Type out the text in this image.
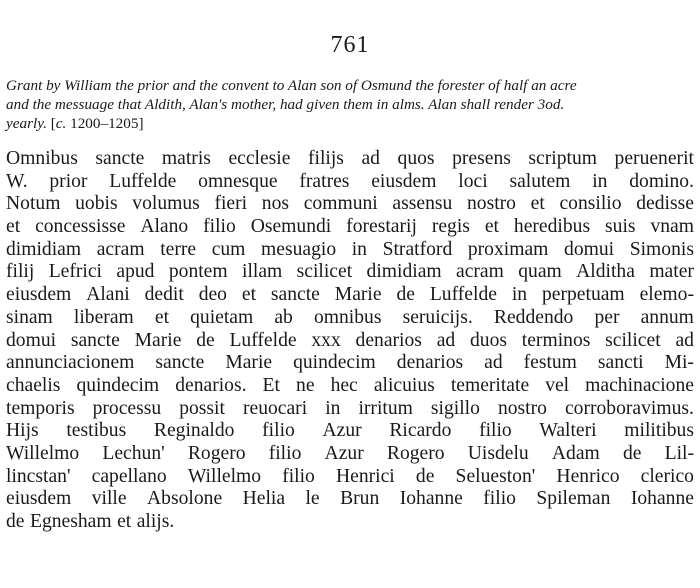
761
Grant by William the prior and the convent to Alan son of Osmund the forester of half an acre
and the messuage that Aldith, Alan's mother, had given them in alms. Alan shall render 3od.
yearly. [c. 1200–1205]
Omnibus sancte matris ecclesie filijs ad quos presens scriptum peruenerit
W. prior Luffelde omnesque fratres eiusdem loci salutem in domino.
Notum uobis volumus fieri nos communi assensu nostro et consilio dedisse
et concessisse Alano filio Osemundi forestarij regis et heredibus suis vnam
dimidiam acram terre cum mesuagio in Stratford proximam domui Simonis
filij Lefrici apud pontem illam scilicet dimidiam acram quam Alditha mater
eiusdem Alani dedit deo et sancte Marie de Luffelde in perpetuam elemo-
sinam liberam et quietam ab omnibus seruicijs. Reddendo per annum
domui sancte Marie de Luffelde xxx denarios ad duos terminos scilicet ad
annunciacionem sancte Marie quindecim denarios ad festum sancti Mi-
chaelis quindecim denarios. Et ne hec alicuius temeritate vel machinacione
temporis processu possit reuocari in irritum sigillo nostro corroboravimus.
Hijs testibus Reginaldo filio Azur Ricardo filio Walteri militibus
Willelmo Lechun' Rogero filio Azur Rogero Uisdelu Adam de Lil-
lincstan' capellano Willelmo filio Henrici de Selueston' Henrico clerico
eiusdem ville Absolone Helia le Brun Iohanne filio Spileman Iohanne
de Egnesham et alijs.
